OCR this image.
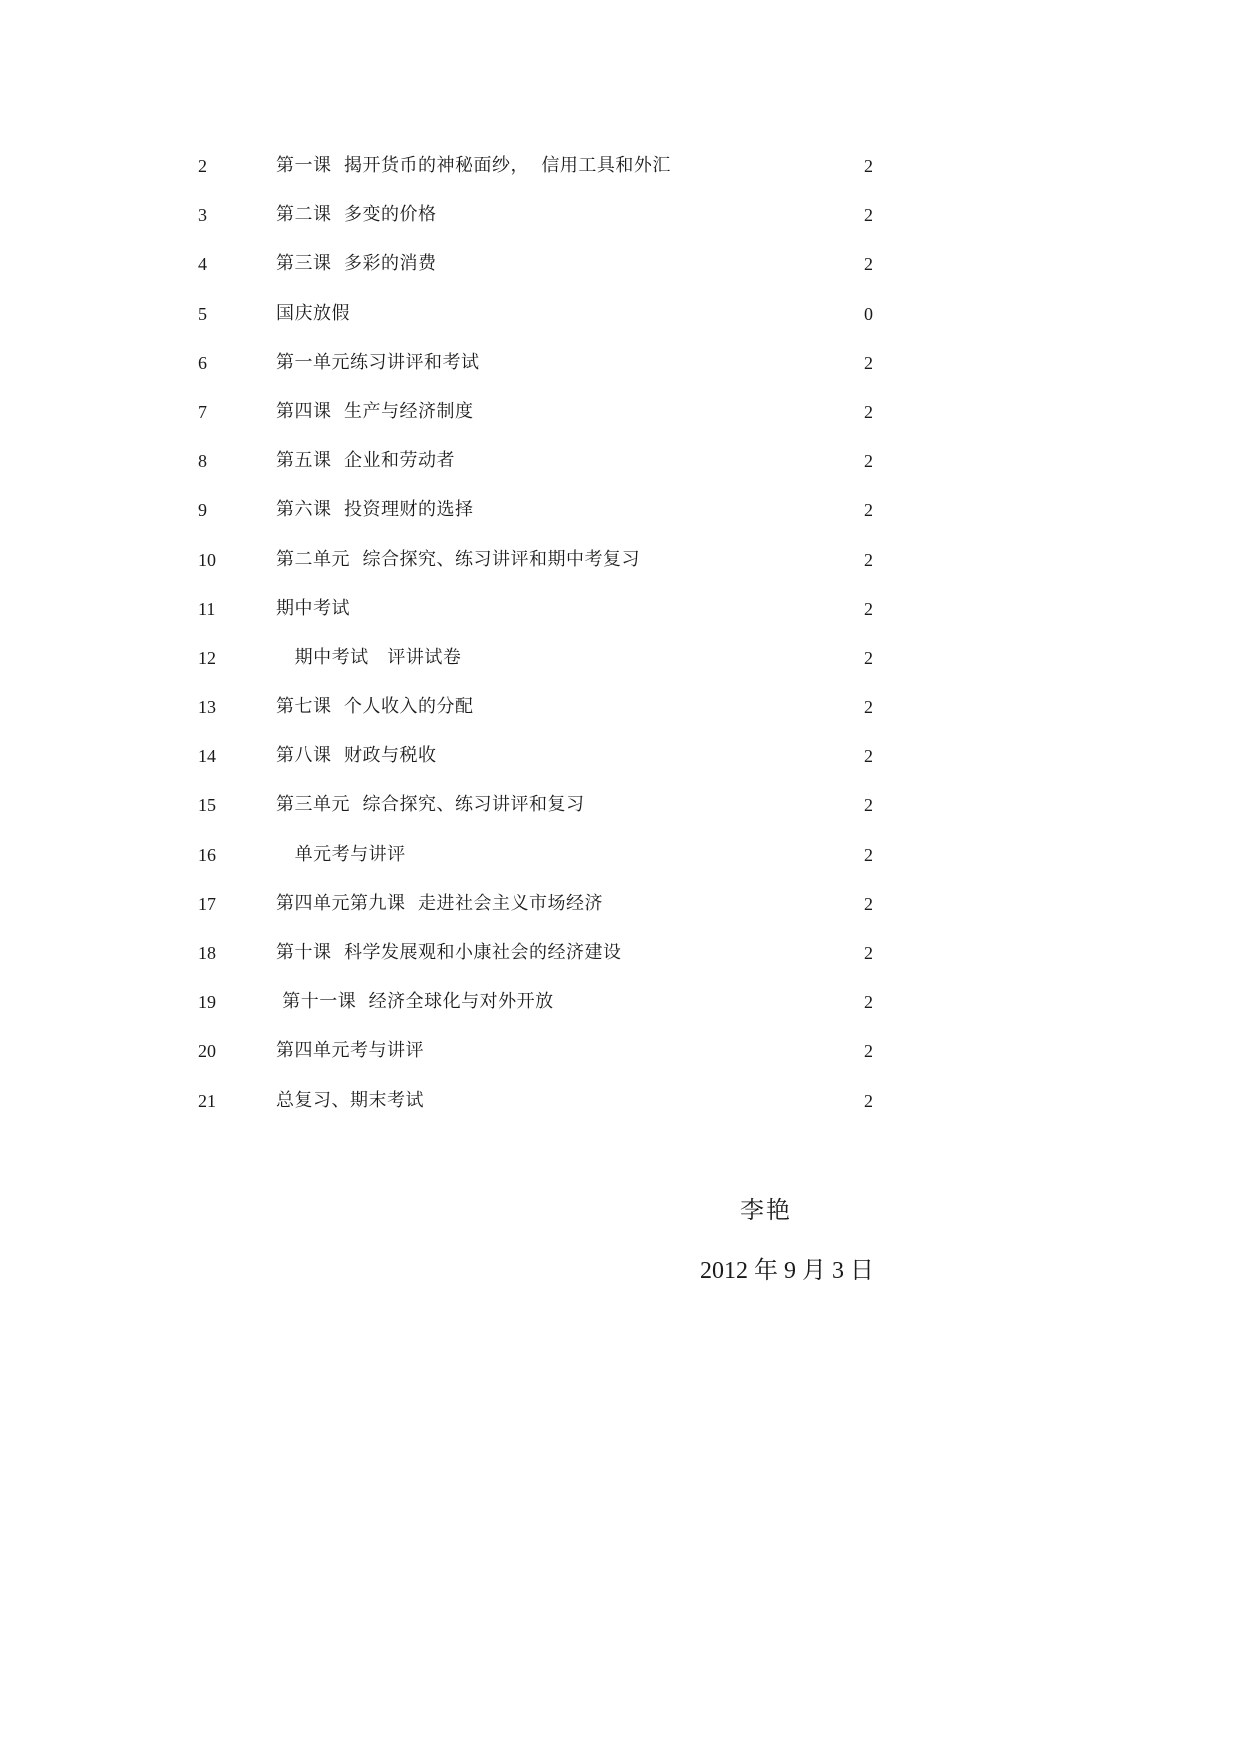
2	第一课  揭开货币的神秘面纱，  信用工具和外汇	2
3	第二课  多变的价格	2
4	第三课  多彩的消费	2
5	国庆放假	0
6	第一单元练习讲评和考试	2
7	第四课  生产与经济制度	2
8	第五课  企业和劳动者	2
9	第六课  投资理财的选择	2
10	第二单元  综合探究、练习讲评和期中考复习	2
11	期中考试	2
12	期中考试   评讲试卷	2
13	第七课  个人收入的分配	2
14	第八课  财政与税收	2
15	第三单元  综合探究、练习讲评和复习	2
16	单元考与讲评	2
17	第四单元第九课  走进社会主义市场经济	2
18	第十课  科学发展观和小康社会的经济建设	2
19	第十一课  经济全球化与对外开放	2
20	第四单元考与讲评	2
21	总复习、期末考试	2
李艳
2012 年 9 月 3 日
